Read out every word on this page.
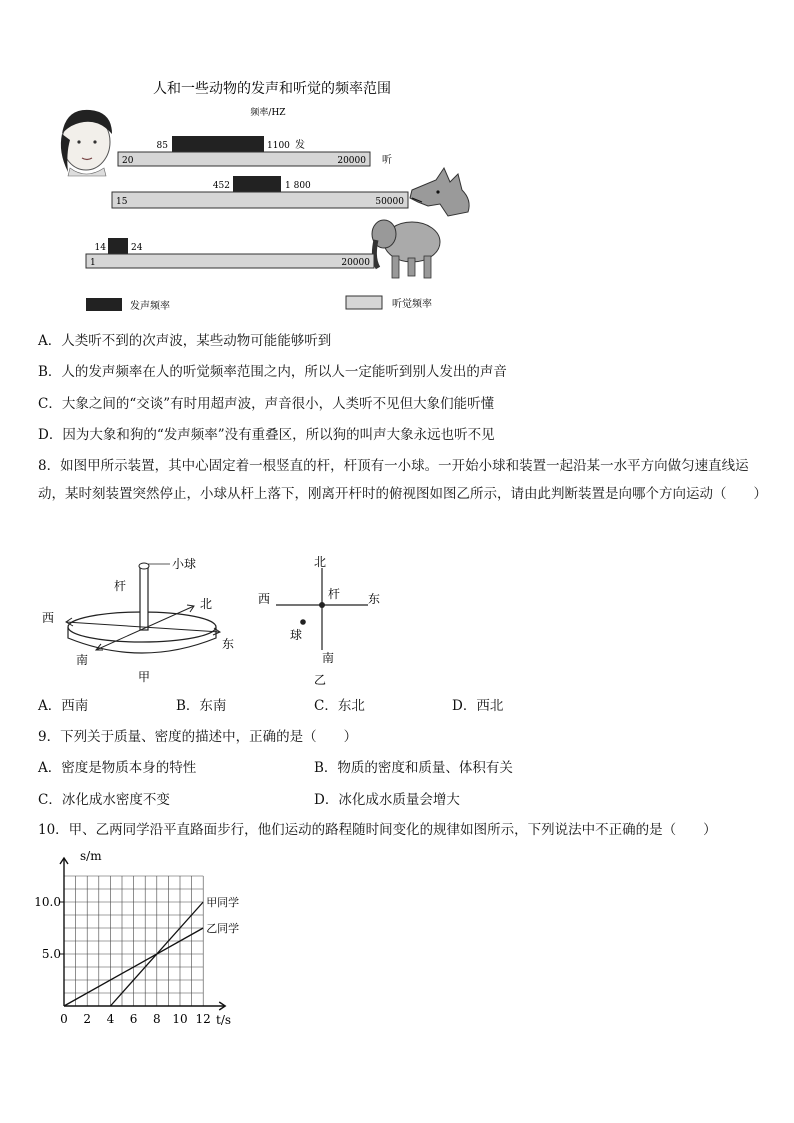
人和一些动物的发声和听觉的频率范围
频率/HZ
85	1100 发
20	20000 听
452	1 800
15	50000
14	24
1	20000
发声频率	听觉频率
A．人类听不到的次声波，某些动物可能能够听到
B．人的发声频率在人的听觉频率范围之内，所以人一定能听到别人发出的声音
C．大象之间的“交谈”有时用超声波，声音很小，人类听不见但大象们能听懂
D．因为大象和狗的“发声频率”没有重叠区，所以狗的叫声大象永远也听不见
8．如图甲所示装置，其中心固定着一根竖直的杆，杆顶有一小球。一开始小球和装置一起沿某一水平方向做匀速直线运动，某时刻装置突然停止，小球从杆上落下，刚离开杆时的俯视图如图乙所示，请由此判断装置是向哪个方向运动（　　）
小球
杆
西
北
东
南
甲
北
西	杆 东
球
南
乙
A．西南	B．东南	C．东北	D．西北
9．下列关于质量、密度的描述中，正确的是（　　）
A．密度是物质本身的特性	B．物质的密度和质量、体积有关
C．冰化成水密度不变	D．冰化成水质量会增大
10．甲、乙两同学沿平直路面步行，他们运动的路程随时间变化的规律如图所示，下列说法中不正确的是（　　）
0 2 4 6 8 10 12
5.0
10.0	甲同学
乙同学
s/m
t/s
